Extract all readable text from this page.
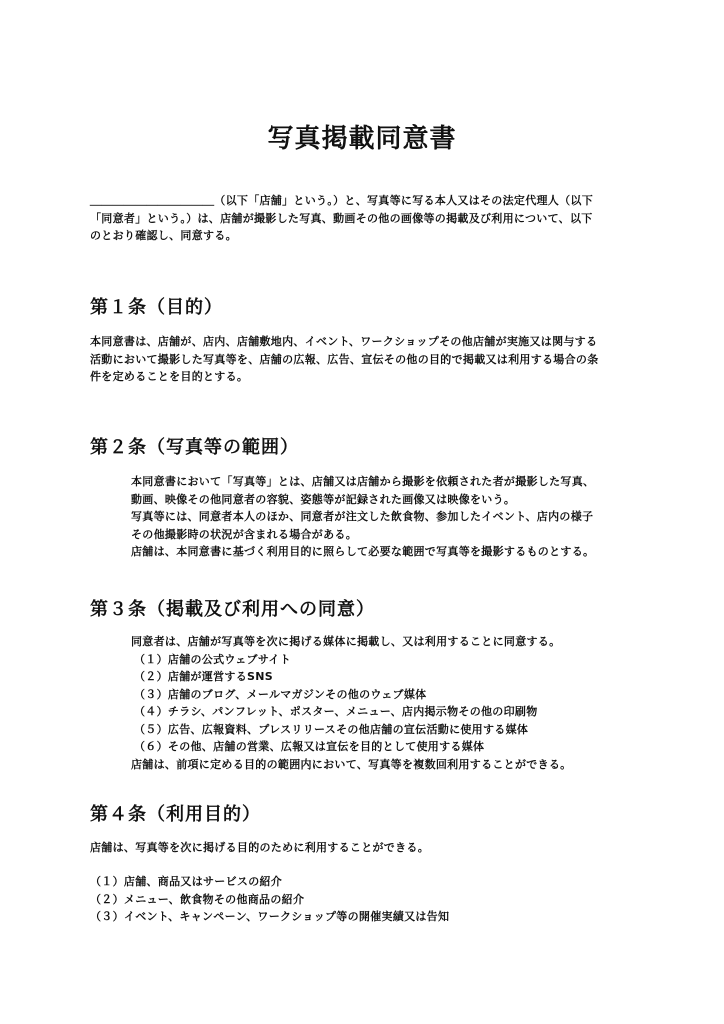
写真掲載同意書
＿＿＿＿＿＿＿＿＿＿＿（以下「店舗」という。）と、写真等に写る本人又はその法定代理人（以下
「同意者」という。）は、店舗が撮影した写真、動画その他の画像等の掲載及び利用について、以下
のとおり確認し、同意する。
第１条（目的）
本同意書は、店舗が、店内、店舗敷地内、イベント、ワークショップその他店舗が実施又は関与する
活動において撮影した写真等を、店舗の広報、広告、宣伝その他の目的で掲載又は利用する場合の条
件を定めることを目的とする。
第２条（写真等の範囲）
本同意書において「写真等」とは、店舗又は店舗から撮影を依頼された者が撮影した写真、
動画、映像その他同意者の容貌、姿態等が記録された画像又は映像をいう。
写真等には、同意者本人のほか、同意者が注文した飲食物、参加したイベント、店内の様子
その他撮影時の状況が含まれる場合がある。
店舗は、本同意書に基づく利用目的に照らして必要な範囲で写真等を撮影するものとする。
第３条（掲載及び利用への同意）
同意者は、店舗が写真等を次に掲げる媒体に掲載し、又は利用することに同意する。
（１）店舗の公式ウェブサイト
（２）店舗が運営するSNS
（３）店舗のブログ、メールマガジンその他のウェブ媒体
（４）チラシ、パンフレット、ポスター、メニュー、店内掲示物その他の印刷物
（５）広告、広報資料、プレスリリースその他店舗の宣伝活動に使用する媒体
（６）その他、店舗の営業、広報又は宣伝を目的として使用する媒体
店舗は、前項に定める目的の範囲内において、写真等を複数回利用することができる。
第４条（利用目的）
店舗は、写真等を次に掲げる目的のために利用することができる。
（１）店舗、商品又はサービスの紹介
（２）メニュー、飲食物その他商品の紹介
（３）イベント、キャンペーン、ワークショップ等の開催実績又は告知
